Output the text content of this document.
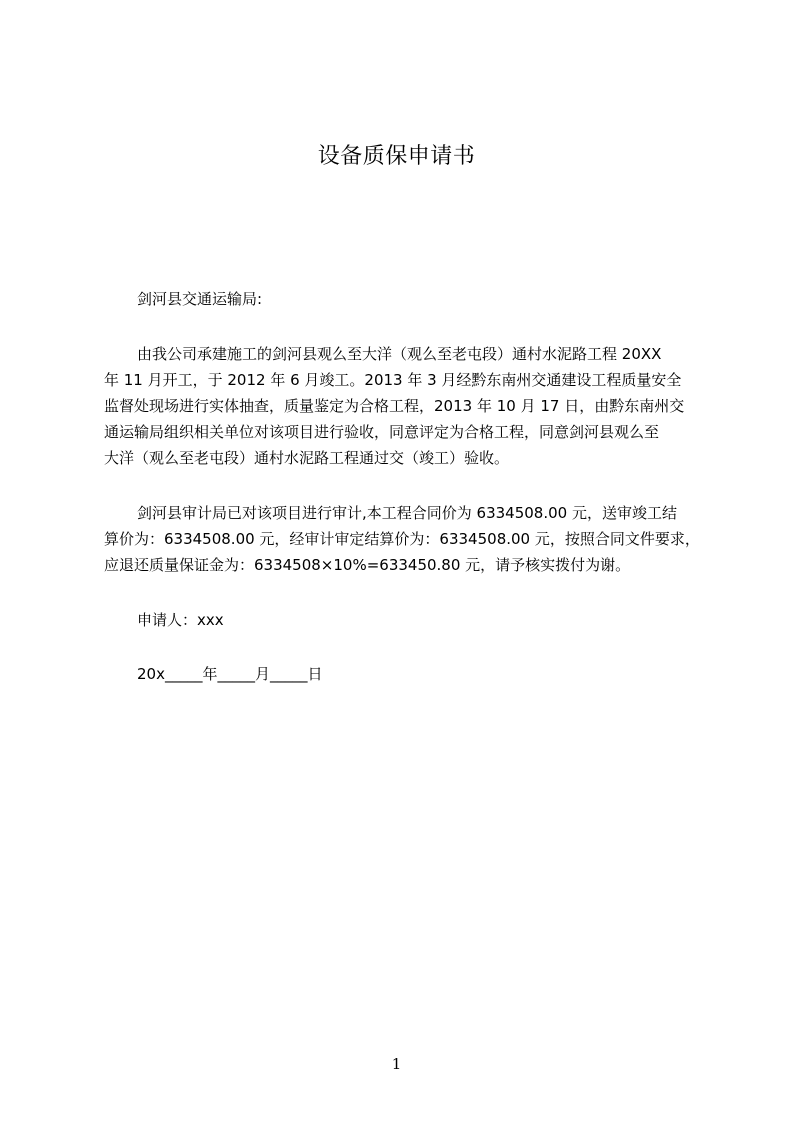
设备质保申请书
剑河县交通运输局:
由我公司承建施工的剑河县观么至大洋（观么至老屯段）通村水泥路工程 20XX
年 11 月开工，于 2012 年 6 月竣工。2013 年 3 月经黔东南州交通建设工程质量安全
监督处现场进行实体抽查，质量鉴定为合格工程，2013 年 10 月 17 日，由黔东南州交
通运输局组织相关单位对该项目进行验收，同意评定为合格工程，同意剑河县观么至
大洋（观么至老屯段）通村水泥路工程通过交（竣工）验收。
剑河县审计局已对该项目进行审计,本工程合同价为 6334508.00 元，送审竣工结
算价为：6334508.00 元，经审计审定结算价为：6334508.00 元，按照合同文件要求，
应退还质量保证金为：6334508×10%=633450.80 元，请予核实拨付为谢。
申请人：xxx
20x_____年_____月_____日
1
